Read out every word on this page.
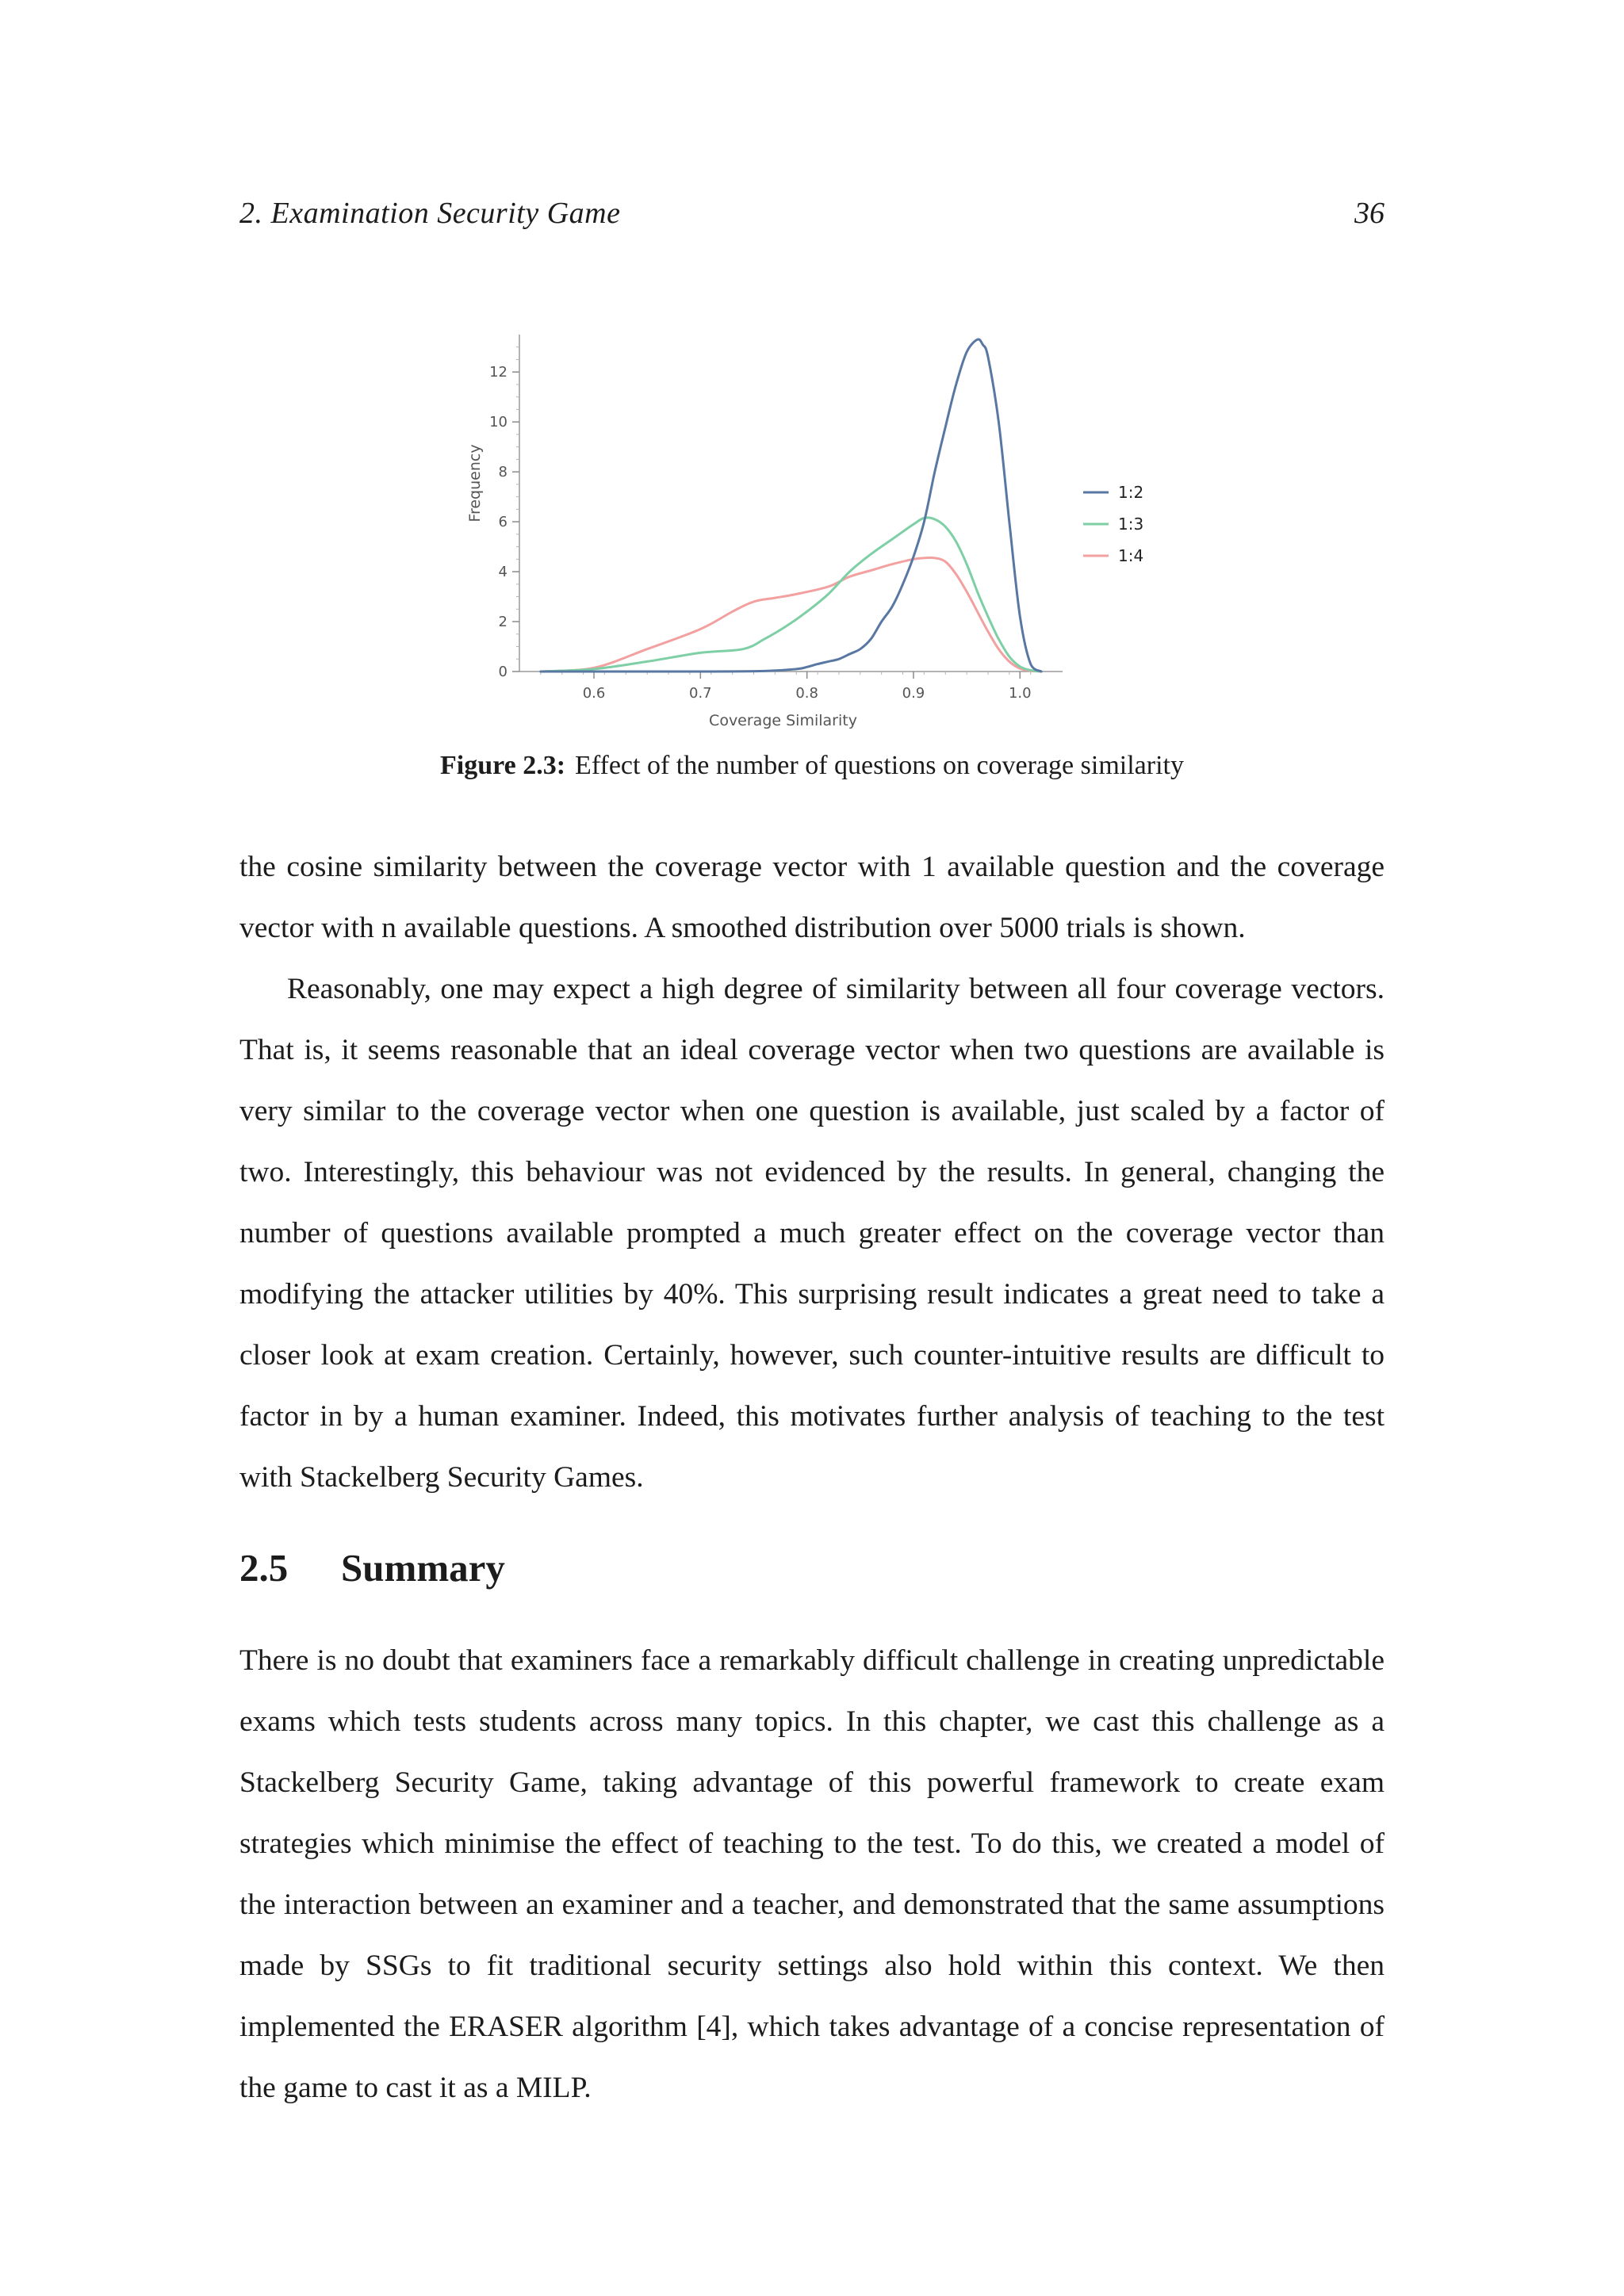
2. Examination Security Game	36
0.6	0.7	0.8	0.9	1.0
0
2
4
6
8
10
12
Coverage Similarity
Frequency	1:2
1:3
1:4
Figure 2.3: Effect of the number of questions on coverage similarity

the cosine similarity between the coverage vector with 1 available question and the coverage vector with n available questions. A smoothed distribution over 5000 trials is shown.

Reasonably, one may expect a high degree of similarity between all four coverage vectors. That is, it seems reasonable that an ideal coverage vector when two questions are available is very similar to the coverage vector when one question is available, just scaled by a factor of two. Interestingly, this behaviour was not evidenced by the results. In general, changing the number of questions available prompted a much greater effect on the coverage vector than modifying the attacker utilities by 40%. This surprising result indicates a great need to take a closer look at exam creation. Certainly, however, such counter-intuitive results are difficult to factor in by a human examiner. Indeed, this motivates further analysis of teaching to the test with Stackelberg Security Games.

2.5 Summary

There is no doubt that examiners face a remarkably difficult challenge in creating unpredictable exams which tests students across many topics. In this chapter, we cast this challenge as a Stackelberg Security Game, taking advantage of this powerful framework to create exam strategies which minimise the effect of teaching to the test. To do this, we created a model of the interaction between an examiner and a teacher, and demonstrated that the same assumptions made by SSGs to fit traditional security settings also hold within this context. We then implemented the ERASER algorithm [4], which takes advantage of a concise representation of the game to cast it as a MILP.
